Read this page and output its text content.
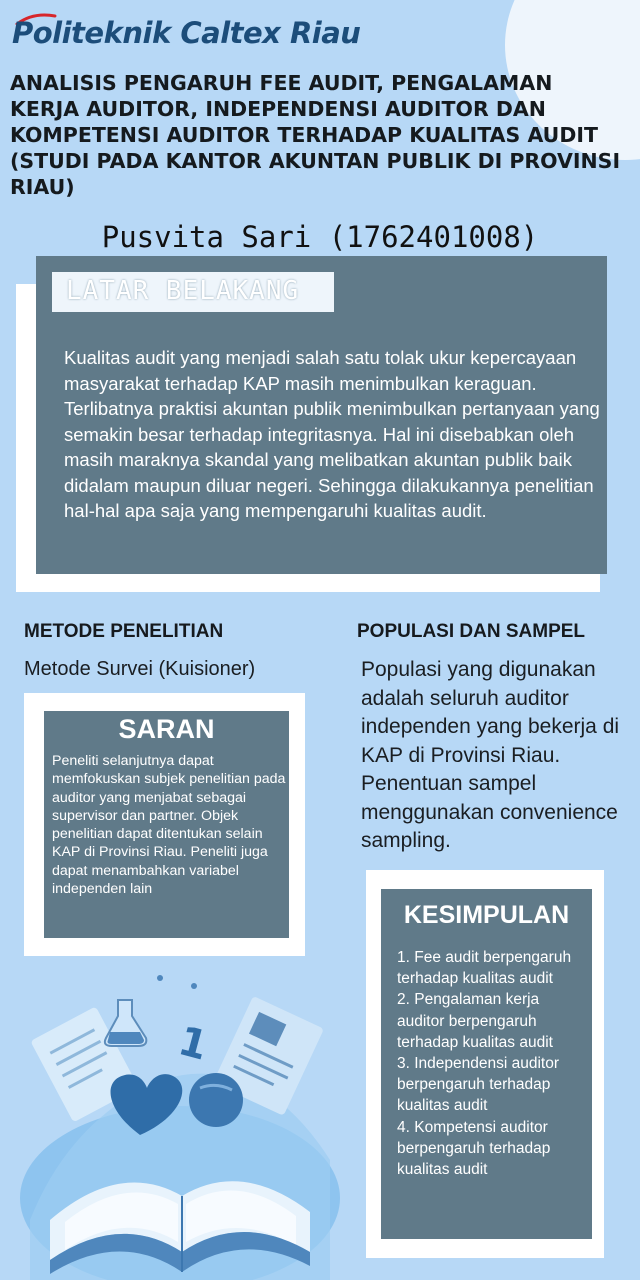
Politeknik Caltex Riau
ANALISIS PENGARUH FEE AUDIT, PENGALAMAN KERJA AUDITOR, INDEPENDENSI AUDITOR DAN KOMPETENSI AUDITOR TERHADAP KUALITAS AUDIT (STUDI PADA KANTOR AKUNTAN PUBLIK DI PROVINSI RIAU)
Pusvita Sari (1762401008)
LATAR BELAKANG
Kualitas audit yang menjadi salah satu tolak ukur kepercayaan masyarakat terhadap KAP masih menimbulkan keraguan. Terlibatnya praktisi akuntan publik menimbulkan pertanyaan yang semakin besar terhadap integritasnya. Hal ini disebabkan oleh masih maraknya skandal yang melibatkan akuntan publik baik didalam maupun diluar negeri. Sehingga dilakukannya penelitian hal-hal apa saja yang mempengaruhi kualitas audit.
METODE PENELITIAN
Metode Survei (Kuisioner)
POPULASI DAN SAMPEL
Populasi yang digunakan adalah seluruh auditor independen yang bekerja di KAP di Provinsi Riau. Penentuan sampel menggunakan convenience sampling.
SARAN
Peneliti selanjutnya dapat memfokuskan subjek penelitian pada auditor yang menjabat sebagai supervisor dan partner. Objek penelitian dapat ditentukan selain KAP di Provinsi Riau. Peneliti juga dapat menambahkan variabel independen lain
KESIMPULAN
1. Fee audit berpengaruh terhadap kualitas audit
2. Pengalaman kerja auditor berpengaruh terhadap kualitas audit
3. Independensi auditor berpengaruh terhadap kualitas audit
4. Kompetensi auditor berpengaruh terhadap kualitas audit
1
